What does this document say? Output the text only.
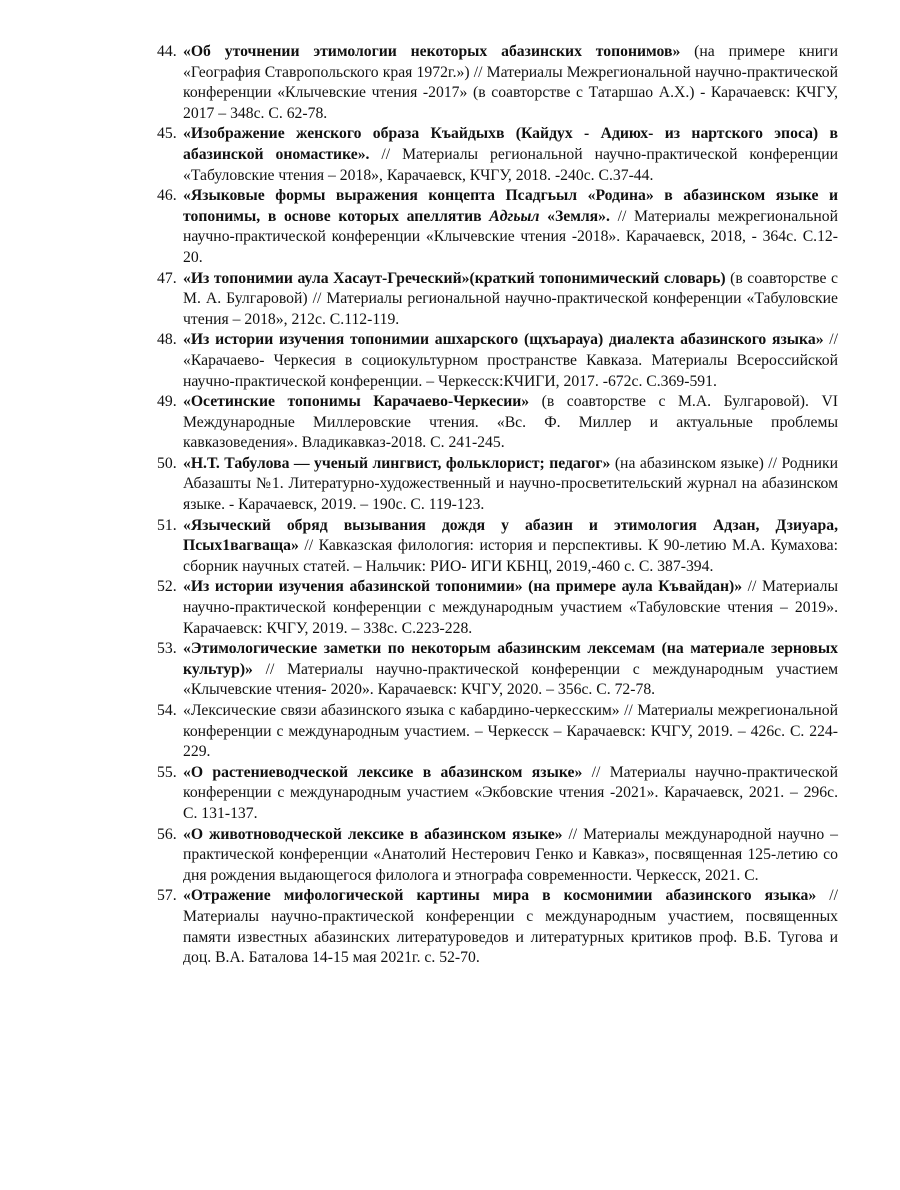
44. «Об уточнении этимологии некоторых абазинских топонимов» (на примере книги «География Ставропольского края 1972г.») // Материалы Межрегиональной научно-практической конференции «Клычевские чтения -2017» (в соавторстве с Татаршао А.Х.) - Карачаевск: КЧГУ, 2017 – 348с. С. 62-78.

45. «Изображение женского образа Къайдыхв (Кайдух - Адиюх- из нартского эпоса) в абазинской ономастике». // Материалы региональной научно-практической конференции «Табуловские чтения – 2018», Карачаевск, КЧГУ, 2018. -240с. С.37-44.

46. «Языковые формы выражения концепта Псадгьыл «Родина» в абазинском языке и топонимы, в основе которых апеллятив Адгьыл «Земля». // Материалы межрегиональной научно-практической конференции «Клычевские чтения -2018». Карачаевск, 2018, - 364с. С.12-20.

47. «Из топонимии аула Хасаут-Греческий»(краткий топонимический словарь) (в соавторстве с М. А. Булгаровой) // Материалы региональной научно-практической конференции «Табуловские чтения – 2018», 212с. С.112-119.

48. «Из истории изучения топонимии ашхарского (щхъарауа) диалекта абазинского языка» // «Карачаево- Черкесия в социокультурном пространстве Кавказа. Материалы Всероссийской научно-практической конференции. – Черкесск:КЧИГИ, 2017. -672с. С.369-591.

49. «Осетинские топонимы Карачаево-Черкесии» (в соавторстве с М.А. Булгаровой). VI Международные Миллеровские чтения. «Вс. Ф. Миллер и актуальные проблемы кавказоведения». Владикавказ-2018. С. 241-245.

50. «Н.Т. Табулова — ученый лингвист, фольклорист; педагог» (на абазинском языке) // Родники Абазашты №1. Литературно-художественный и научно-просветительский журнал на абазинском языке. - Карачаевск, 2019. – 190с. С. 119-123.

51. «Языческий обряд вызывания дождя у абазин и этимология Адзан, Дзиуара, Псых1вагваща» // Кавказская филология: история и перспективы. К 90-летию М.А. Кумахова: сборник научных статей. – Нальчик: РИО- ИГИ КБНЦ, 2019,-460 с. С. 387-394.

52. «Из истории изучения абазинской топонимии» (на примере аула Къвайдан)» // Материалы научно-практической конференции с международным участием «Табуловские чтения – 2019». Карачаевск: КЧГУ, 2019. – 338с. С.223-228.

53. «Этимологические заметки по некоторым абазинским лексемам (на материале зерновых культур)» // Материалы научно-практической конференции с международным участием «Клычевские чтения- 2020». Карачаевск: КЧГУ, 2020. – 356с. С. 72-78.

54. «Лексические связи абазинского языка с кабардино-черкесским» // Материалы межрегиональной конференции с международным участием. – Черкесск – Карачаевск: КЧГУ, 2019. – 426с. С. 224-229.

55. «О растениеводческой лексике в абазинском языке» // Материалы научно-практической конференции с международным участием «Экбовские чтения -2021». Карачаевск, 2021. – 296с. С. 131-137.

56. «О животноводческой лексике в абазинском языке» // Материалы международной научно – практической конференции «Анатолий Нестерович Генко и Кавказ», посвященная 125-летию со дня рождения выдающегося филолога и этнографа современности. Черкесск, 2021. С.

57. «Отражение мифологической картины мира в космонимии абазинского языка» // Материалы научно-практической конференции с международным участием, посвященных памяти известных абазинских литературоведов и литературных критиков проф. В.Б. Тугова и доц. В.А. Баталова 14-15 мая 2021г. с. 52-70.
